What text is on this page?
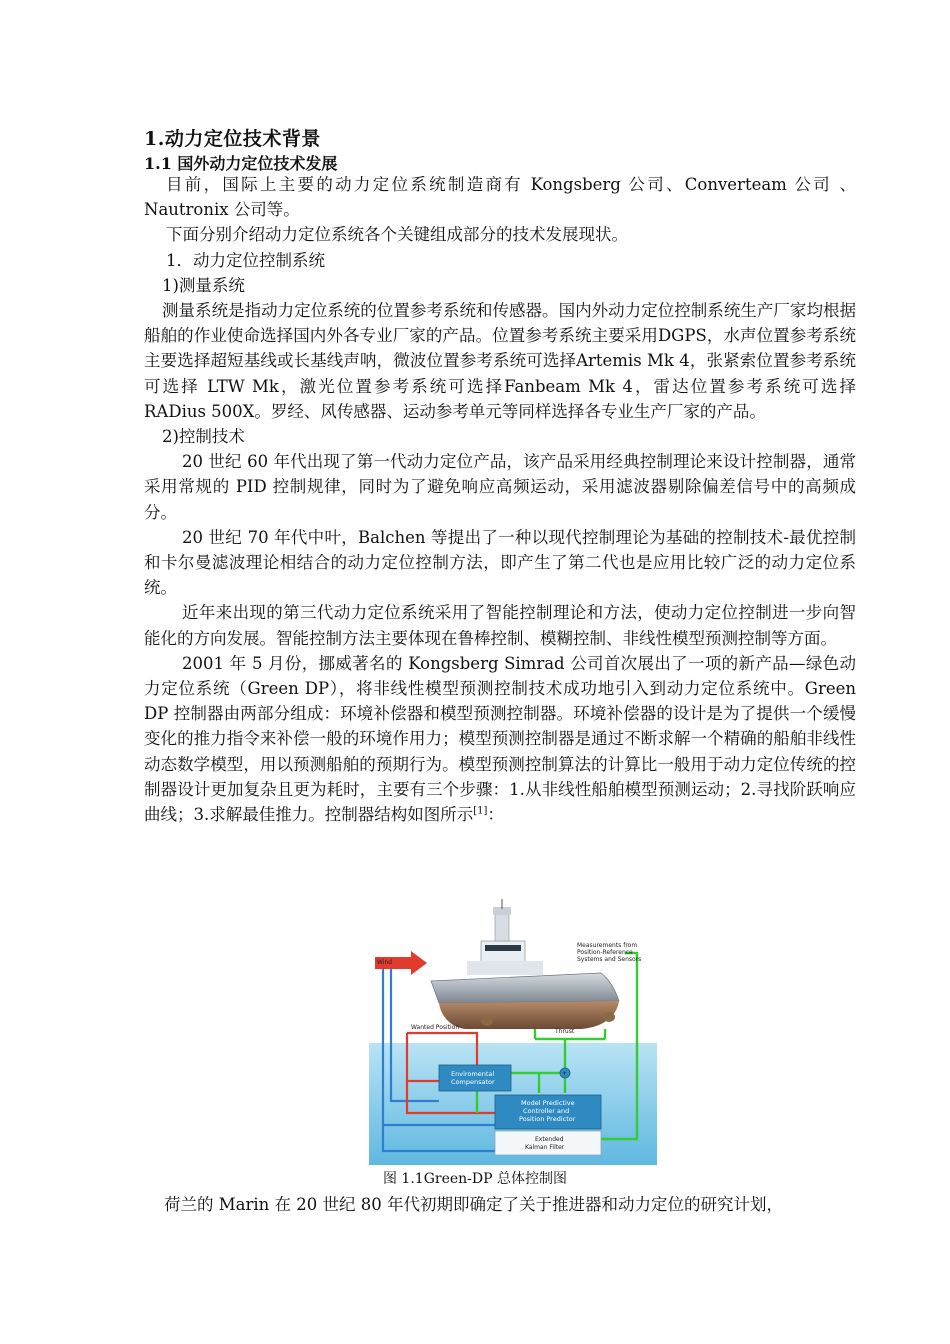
1.动力定位技术背景
1.1 国外动力定位技术发展

目前，国际上主要的动力定位系统制造商有 Kongsberg 公司、Converteam 公司 、Nautronix 公司等。

下面分别介绍动力定位系统各个关键组成部分的技术发展现状。

1．动力定位控制系统

1)测量系统

测量系统是指动力定位系统的位置参考系统和传感器。国内外动力定位控制系统生产厂家均根据船舶的作业使命选择国内外各专业厂家的产品。位置参考系统主要采用DGPS，水声位置参考系统主要选择超短基线或长基线声呐，微波位置参考系统可选择Artemis Mk 4，张紧索位置参考系统可选择 LTW Mk，激光位置参考系统可选择Fanbeam Mk 4，雷达位置参考系统可选择 RADius 500X。罗经、风传感器、运动参考单元等同样选择各专业生产厂家的产品。

2)控制技术

20 世纪 60 年代出现了第一代动力定位产品，该产品采用经典控制理论来设计控制器，通常采用常规的 PID 控制规律，同时为了避免响应高频运动，采用滤波器剔除偏差信号中的高频成分。

20 世纪 70 年代中叶，Balchen 等提出了一种以现代控制理论为基础的控制技术-最优控制和卡尔曼滤波理论相结合的动力定位控制方法，即产生了第二代也是应用比较广泛的动力定位系统。

近年来出现的第三代动力定位系统采用了智能控制理论和方法，使动力定位控制进一步向智能化的方向发展。智能控制方法主要体现在鲁棒控制、模糊控制、非线性模型预测控制等方面。

2001 年 5 月份，挪威著名的 Kongsberg Simrad 公司首次展出了一项的新产品—绿色动力定位系统（Green DP），将非线性模型预测控制技术成功地引入到动力定位系统中。Green DP 控制器由两部分组成：环境补偿器和模型预测控制器。环境补偿器的设计是为了提供一个缓慢变化的推力指令来补偿一般的环境作用力；模型预测控制器是通过不断求解一个精确的船舶非线性动态数学模型，用以预测船舶的预期行为。模型预测控制算法的计算比一般用于动力定位传统的控制器设计更加复杂且更为耗时，主要有三个步骤：1.从非线性船舶模型预测运动；2.寻找阶跃响应曲线；3.求解最佳推力。控制器结构如图所示[1]：

Wind
Wanted Position
Thrust
Measurements from
Position-Reference
Systems and Sensors
Enviromental
Compensator
+
Model Predictive
Controller and
Position Predictor
Extended
Kalman Filter
图 1.1Green-DP 总体控制图
荷兰的 Marin 在 20 世纪 80 年代初期即确定了关于推进器和动力定位的研究计划，
